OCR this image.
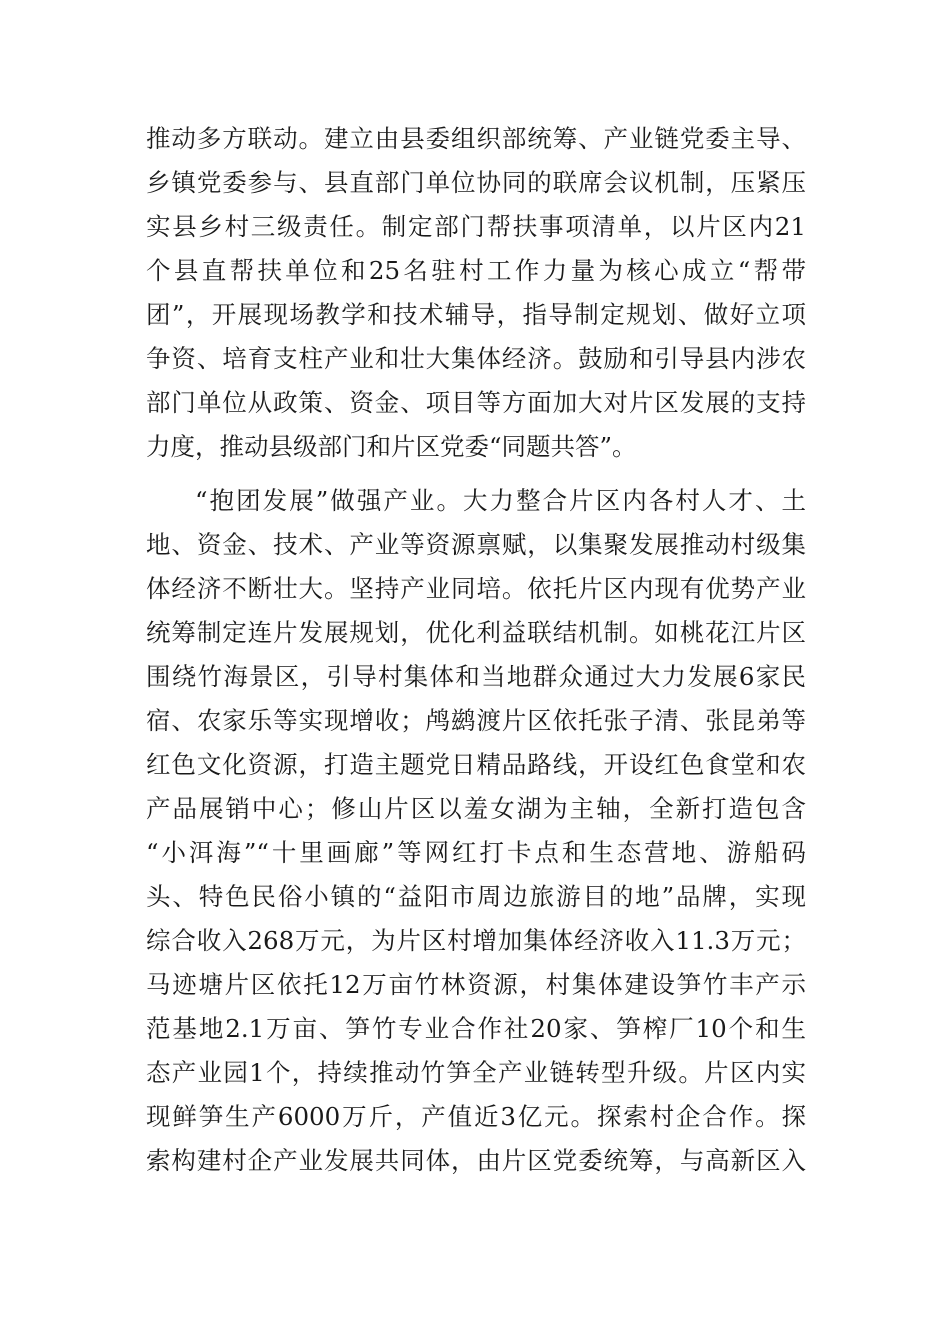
推动多方联动。建立由县委组织部统筹、产业链党委主导、
乡镇党委参与、县直部门单位协同的联席会议机制，压紧压
实县乡村三级责任。制定部门帮扶事项清单，以片区内21
个县直帮扶单位和25名驻村工作力量为核心成立“帮带
团”，开展现场教学和技术辅导，指导制定规划、做好立项
争资、培育支柱产业和壮大集体经济。鼓励和引导县内涉农
部门单位从政策、资金、项目等方面加大对片区发展的支持
力度，推动县级部门和片区党委“同题共答”。
“抱团发展”做强产业。大力整合片区内各村人才、土
地、资金、技术、产业等资源禀赋，以集聚发展推动村级集
体经济不断壮大。坚持产业同培。依托片区内现有优势产业
统筹制定连片发展规划，优化利益联结机制。如桃花江片区
围绕竹海景区，引导村集体和当地群众通过大力发展6家民
宿、农家乐等实现增收；鸬鹚渡片区依托张子清、张昆弟等
红色文化资源，打造主题党日精品路线，开设红色食堂和农
产品展销中心；修山片区以羞女湖为主轴，全新打造包含
“小洱海”“十里画廊”等网红打卡点和生态营地、游船码
头、特色民俗小镇的“益阳市周边旅游目的地”品牌，实现
综合收入268万元，为片区村增加集体经济收入11.3万元；
马迹塘片区依托12万亩竹林资源，村集体建设笋竹丰产示
范基地2.1万亩、笋竹专业合作社20家、笋榨厂10个和生
态产业园1个，持续推动竹笋全产业链转型升级。片区内实
现鲜笋生产6000万斤，产值近3亿元。探索村企合作。探
索构建村企产业发展共同体，由片区党委统筹，与高新区入
